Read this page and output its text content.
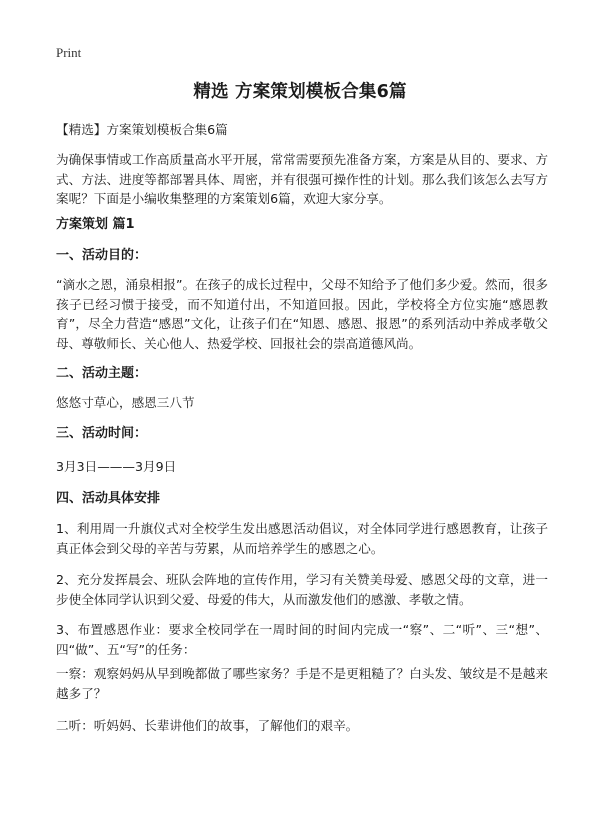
Print
精选 方案策划模板合集6篇

【精选】方案策划模板合集6篇

为确保事情或工作高质量高水平开展，常常需要预先准备方案，方案是从目的、要求、方式、方法、进度等都部署具体、周密，并有很强可操作性的计划。那么我们该怎么去写方案呢？下面是小编收集整理的方案策划6篇，欢迎大家分享。

方案策划 篇1
一、活动目的：

“滴水之恩，涌泉相报”。在孩子的成长过程中，父母不知给予了他们多少爱。然而，很多孩子已经习惯于接受，而不知道付出，不知道回报。因此，学校将全方位实施“感恩教育”，尽全力营造“感恩”文化，让孩子们在“知恩、感恩、报恩”的系列活动中养成孝敬父母、尊敬师长、关心他人、热爱学校、回报社会的崇高道德风尚。

二、活动主题：

悠悠寸草心，感恩三八节

三、活动时间：

3月3日———3月9日

四、活动具体安排

1、利用周一升旗仪式对全校学生发出感恩活动倡议，对全体同学进行感恩教育，让孩子真正体会到父母的辛苦与劳累，从而培养学生的感恩之心。

2、充分发挥晨会、班队会阵地的宣传作用，学习有关赞美母爱、感恩父母的文章，进一步使全体同学认识到父爱、母爱的伟大，从而激发他们的感激、孝敬之情。

3、布置感恩作业：要求全校同学在一周时间的时间内完成一“察”、二“听”、三“想”、四“做”、五“写”的任务：

一察：观察妈妈从早到晚都做了哪些家务？手是不是更粗糙了？白头发、皱纹是不是越来越多了？

二听：听妈妈、长辈讲他们的故事，了解他们的艰辛。
